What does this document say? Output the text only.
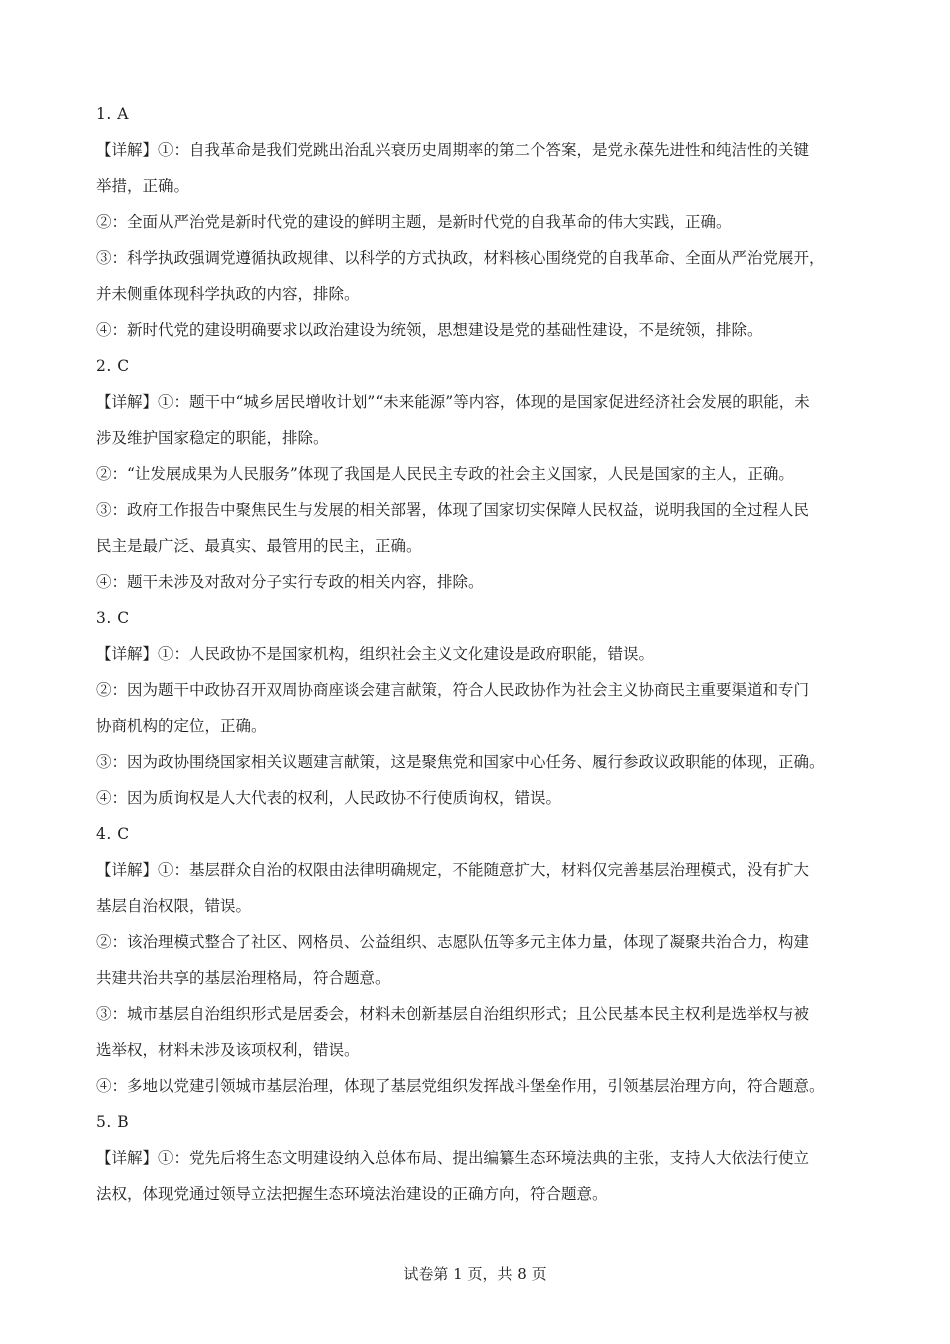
1. A
【详解】①：自我革命是我们党跳出治乱兴衰历史周期率的第二个答案，是党永葆先进性和纯洁性的关键
举措，正确。
②：全面从严治党是新时代党的建设的鲜明主题，是新时代党的自我革命的伟大实践，正确。
③：科学执政强调党遵循执政规律、以科学的方式执政，材料核心围绕党的自我革命、全面从严治党展开，
并未侧重体现科学执政的内容，排除。
④：新时代党的建设明确要求以政治建设为统领，思想建设是党的基础性建设，不是统领，排除。
2. C
【详解】①：题干中“城乡居民增收计划”“未来能源”等内容，体现的是国家促进经济社会发展的职能，未
涉及维护国家稳定的职能，排除。
②：“让发展成果为人民服务”体现了我国是人民民主专政的社会主义国家，人民是国家的主人，正确。
③：政府工作报告中聚焦民生与发展的相关部署，体现了国家切实保障人民权益，说明我国的全过程人民
民主是最广泛、最真实、最管用的民主，正确。
④：题干未涉及对敌对分子实行专政的相关内容，排除。
3. C
【详解】①：人民政协不是国家机构，组织社会主义文化建设是政府职能，错误。
②：因为题干中政协召开双周协商座谈会建言献策，符合人民政协作为社会主义协商民主重要渠道和专门
协商机构的定位，正确。
③：因为政协围绕国家相关议题建言献策，这是聚焦党和国家中心任务、履行参政议政职能的体现，正确。
④：因为质询权是人大代表的权利，人民政协不行使质询权，错误。
4. C
【详解】①：基层群众自治的权限由法律明确规定，不能随意扩大，材料仅完善基层治理模式，没有扩大
基层自治权限，错误。
②：该治理模式整合了社区、网格员、公益组织、志愿队伍等多元主体力量，体现了凝聚共治合力，构建
共建共治共享的基层治理格局，符合题意。
③：城市基层自治组织形式是居委会，材料未创新基层自治组织形式；且公民基本民主权利是选举权与被
选举权，材料未涉及该项权利，错误。
④：多地以党建引领城市基层治理，体现了基层党组织发挥战斗堡垒作用，引领基层治理方向，符合题意。
5. B
【详解】①：党先后将生态文明建设纳入总体布局、提出编纂生态环境法典的主张，支持人大依法行使立
法权，体现党通过领导立法把握生态环境法治建设的正确方向，符合题意。
试卷第 1 页，共 8 页
